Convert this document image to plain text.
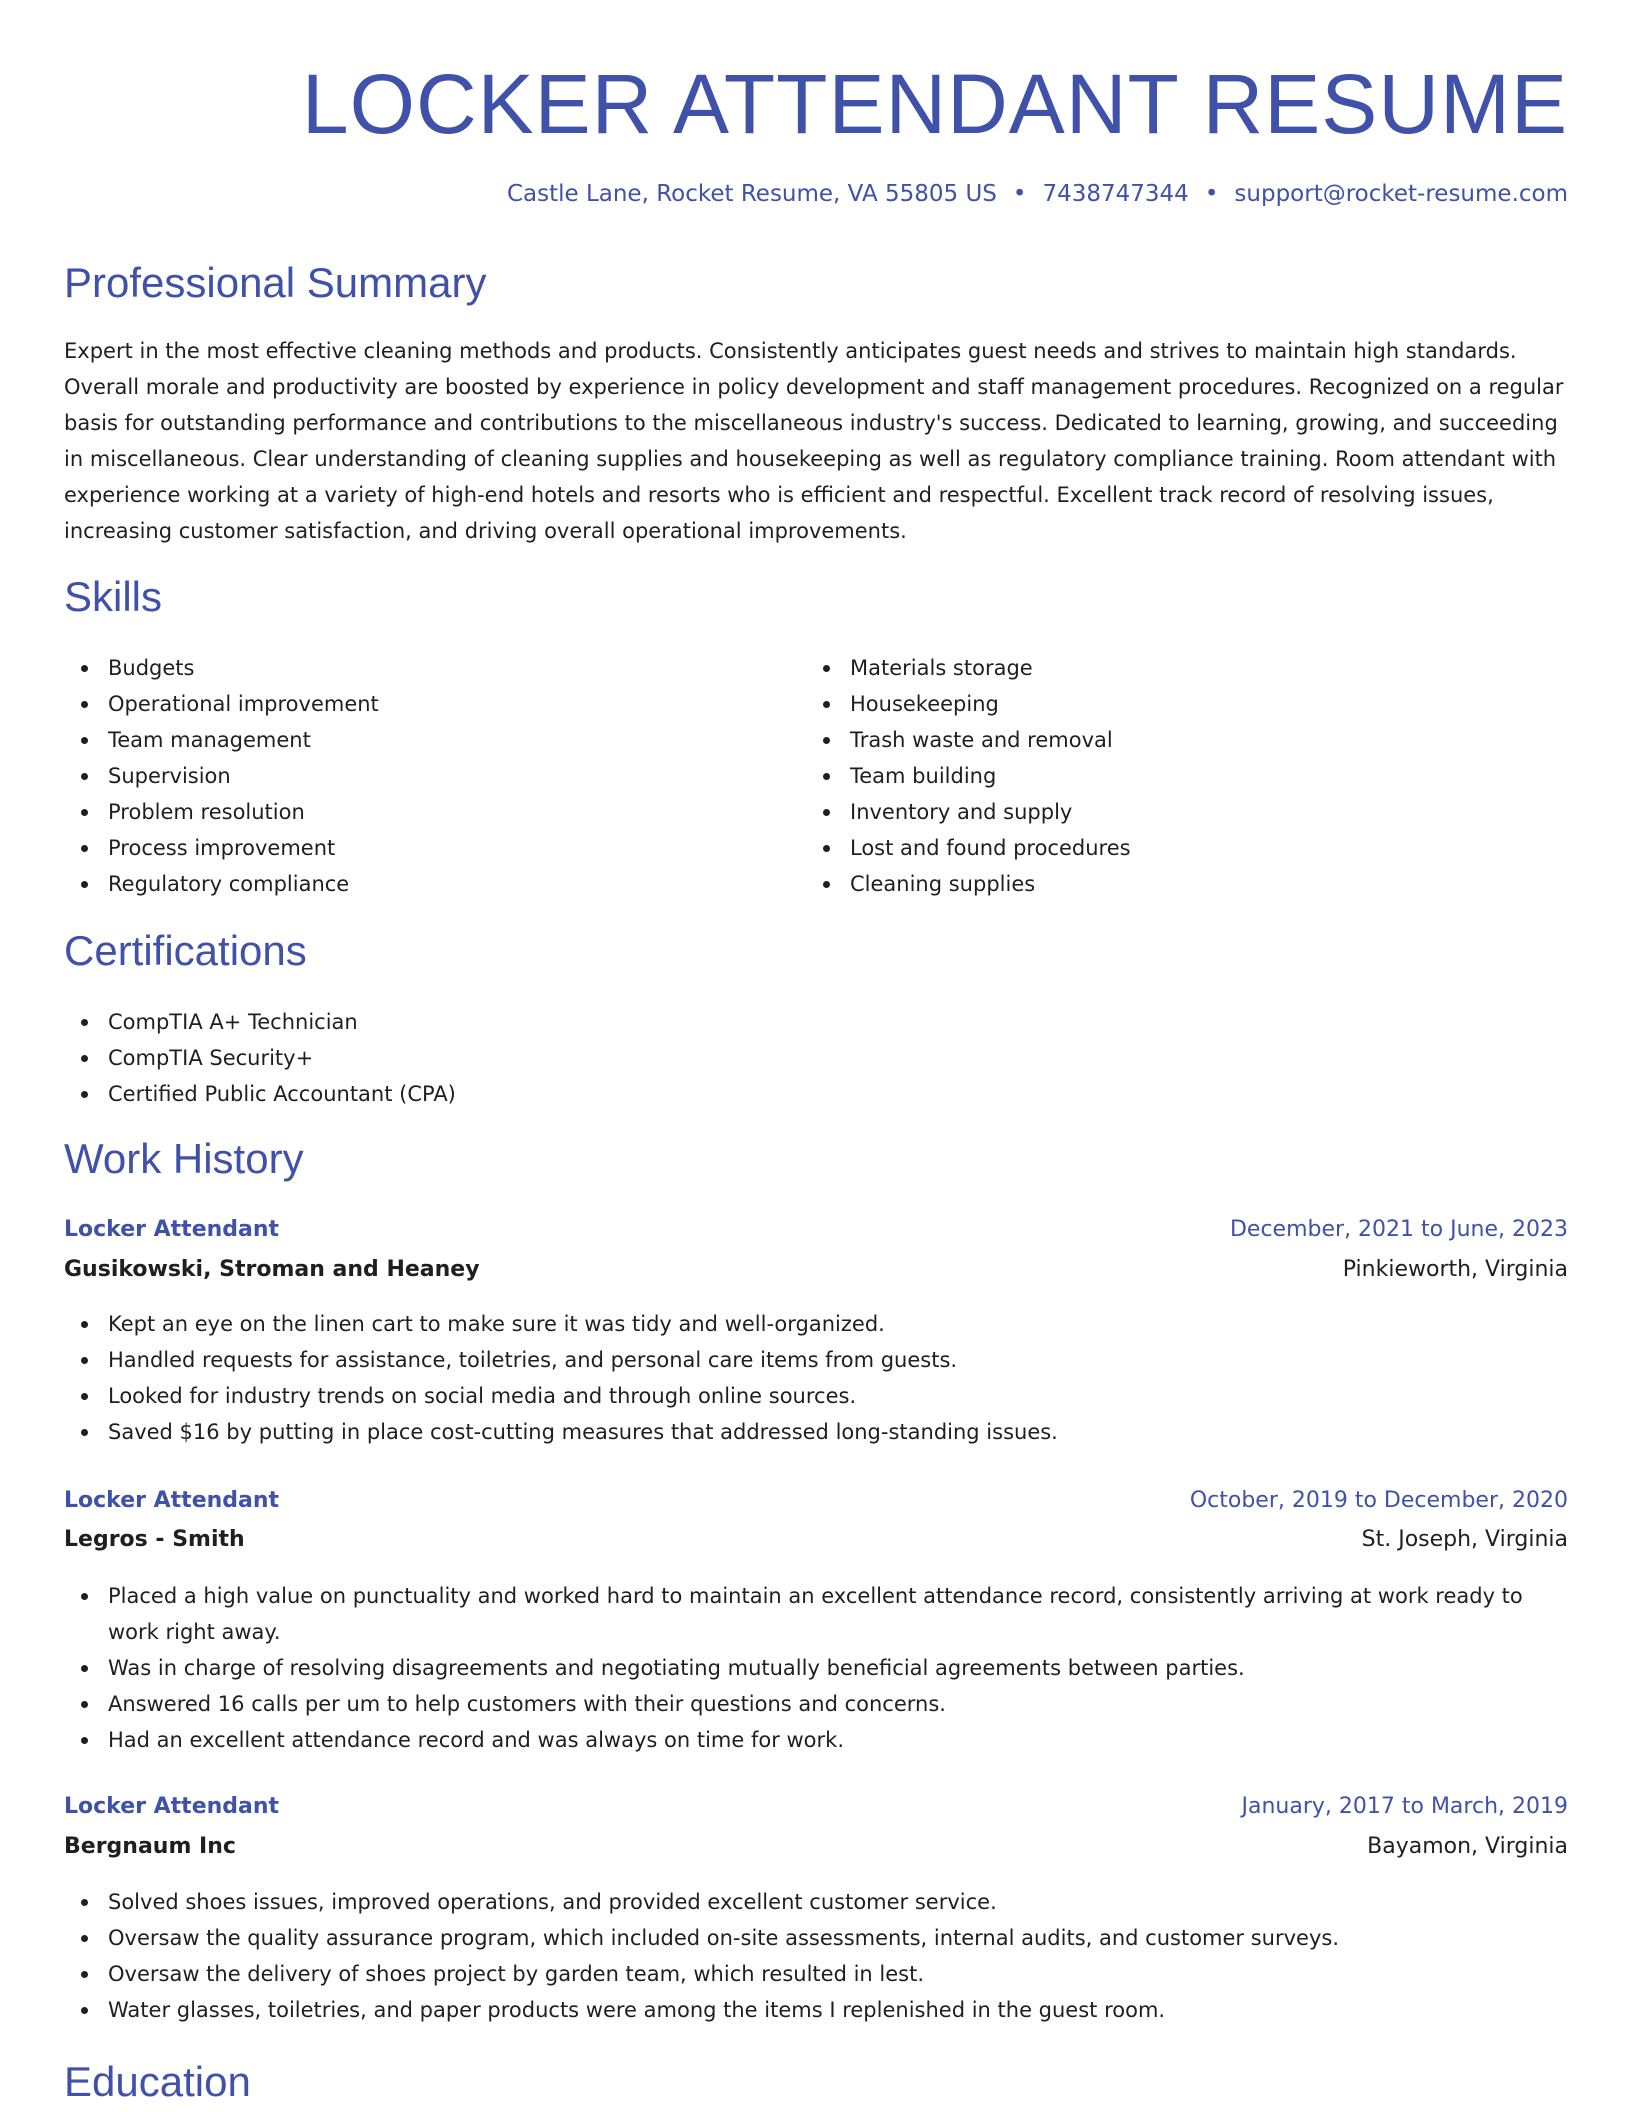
LOCKER ATTENDANT RESUME
Castle Lane, Rocket Resume, VA 55805 US • 7438747344 • support@rocket-resume.com
Professional Summary

Expert in the most effective cleaning methods and products. Consistently anticipates guest needs and strives to maintain high standards. Overall morale and productivity are boosted by experience in policy development and staff management procedures. Recognized on a regular basis for outstanding performance and contributions to the miscellaneous industry's success. Dedicated to learning, growing, and succeeding in miscellaneous. Clear understanding of cleaning supplies and housekeeping as well as regulatory compliance training. Room attendant with experience working at a variety of high-end hotels and resorts who is efficient and respectful. Excellent track record of resolving issues, increasing customer satisfaction, and driving overall operational improvements.

Skills
Budgets
Operational improvement
Team management
Supervision
Problem resolution
Process improvement
Regulatory compliance
Materials storage
Housekeeping
Trash waste and removal
Team building
Inventory and supply
Lost and found procedures
Cleaning supplies
Certifications
CompTIA A+ Technician
CompTIA Security+
Certified Public Accountant (CPA)
Work History
Locker Attendant	December, 2021 to June, 2023
Gusikowski, Stroman and Heaney	Pinkieworth, Virginia
Kept an eye on the linen cart to make sure it was tidy and well-organized.
Handled requests for assistance, toiletries, and personal care items from guests.
Looked for industry trends on social media and through online sources.
Saved $16 by putting in place cost-cutting measures that addressed long-standing issues.
Locker Attendant	October, 2019 to December, 2020
Legros - Smith	St. Joseph, Virginia
Placed a high value on punctuality and worked hard to maintain an excellent attendance record, consistently arriving at work ready to work right away.
Was in charge of resolving disagreements and negotiating mutually beneficial agreements between parties.
Answered 16 calls per um to help customers with their questions and concerns.
Had an excellent attendance record and was always on time for work.
Locker Attendant	January, 2017 to March, 2019
Bergnaum Inc	Bayamon, Virginia
Solved shoes issues, improved operations, and provided excellent customer service.
Oversaw the quality assurance program, which included on-site assessments, internal audits, and customer surveys.
Oversaw the delivery of shoes project by garden team, which resulted in lest.
Water glasses, toiletries, and paper products were among the items I replenished in the guest room.
Education
